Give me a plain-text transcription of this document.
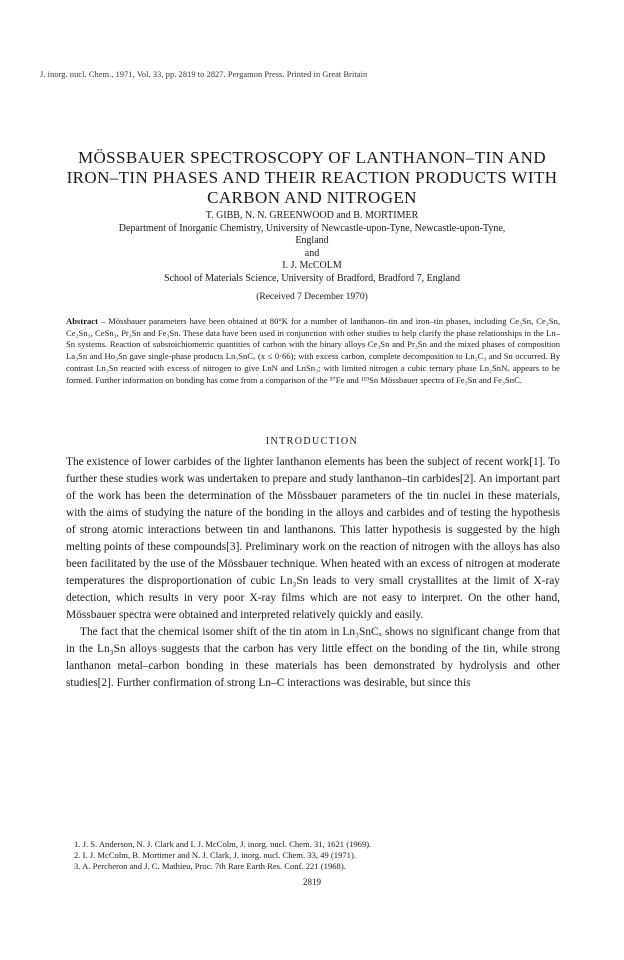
J. inorg. nucl. Chem., 1971, Vol. 33, pp. 2819 to 2827. Pergamon Press. Printed in Great Britain
MÖSSBAUER SPECTROSCOPY OF LANTHANON–TIN AND IRON–TIN PHASES AND THEIR REACTION PRODUCTS WITH CARBON AND NITROGEN
T. GIBB, N. N. GREENWOOD and B. MORTIMER
Department of Inorganic Chemistry, University of Newcastle-upon-Tyne, Newcastle-upon-Tyne,
England
and
I. J. McCOLM
School of Materials Science, University of Bradford, Bradford 7, England
(Received 7 December 1970)
Abstract – Mössbauer parameters have been obtained at 80°K for a number of lanthanon–tin and iron–tin phases, including Ce₃Sn, Ce₂Sn, Ce₂Sn₃, CeSn₃, Pr₃Sn and Fe₃Sn. These data have been used in conjunction with other studies to help clarify the phase relationships in the Ln–Sn systems. Reaction of substoichiometric quantities of carbon with the binary alloys Ce₃Sn and Pr₃Sn and the mixed phases of composition La₃Sn and Ho₃Sn gave single-phase products Ln₃SnCₓ (x ≤ 0·66); with excess carbon, complete decomposition to Ln₂C₃ and Sn occurred. By contrast Ln₃Sn reacted with excess of nitrogen to give LnN and LnSn₃; with limited nitrogen a cubic ternary phase Ln₂SnNₓ appears to be formed. Further information on bonding has come from a comparison of the ⁵⁷Fe and ¹¹⁹Sn Mössbauer spectra of Fe₃Sn and Fe₃SnC.
INTRODUCTION

The existence of lower carbides of the lighter lanthanon elements has been the subject of recent work[1]. To further these studies work was undertaken to prepare and study lanthanon–tin carbides[2]. An important part of the work has been the determination of the Mössbauer parameters of the tin nuclei in these materials, with the aims of studying the nature of the bonding in the alloys and carbides and of testing the hypothesis of strong atomic interactions between tin and lanthanons. This latter hypothesis is suggested by the high melting points of these compounds[3]. Preliminary work on the reaction of nitrogen with the alloys has also been facilitated by the use of the Mössbauer technique. When heated with an excess of nitrogen at moderate temperatures the disproportionation of cubic Ln₃Sn leads to very small crystallites at the limit of X-ray detection, which results in very poor X-ray films which are not easy to interpret. On the other hand, Mössbauer spectra were obtained and interpreted relatively quickly and easily.

The fact that the chemical isomer shift of the tin atom in Ln₃SnCₓ shows no significant change from that in the Ln₃Sn alloys suggests that the carbon has very little effect on the bonding of the tin, while strong lanthanon metal–carbon bonding in these materials has been demonstrated by hydrolysis and other studies[2]. Further confirmation of strong Ln–C interactions was desirable, but since this

1. J. S. Anderson, N. J. Clark and I. J. McColm, J. inorg. nucl. Chem. 31, 1621 (1969).
2. I. J. McColm, B. Mortimer and N. J. Clark, J. inorg. nucl. Chem. 33, 49 (1971).
3. A. Percheron and J. C. Mathieu, Proc. 7th Rare Earth Res. Conf. 221 (1968).
2819
